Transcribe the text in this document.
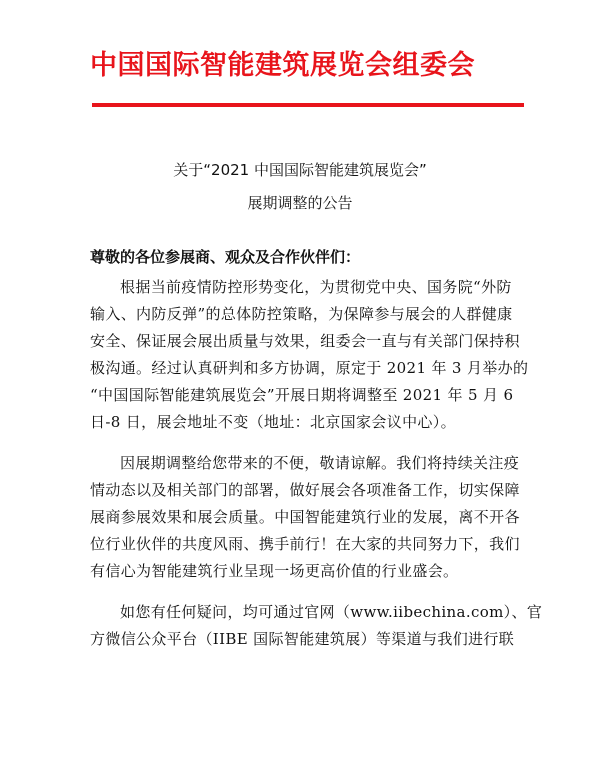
中国国际智能建筑展览会组委会
关于“2021 中国国际智能建筑展览会”
展期调整的公告
尊敬的各位参展商、观众及合作伙伴们：
根据当前疫情防控形势变化，为贯彻党中央、国务院“外防
输入、内防反弹”的总体防控策略，为保障参与展会的人群健康
安全、保证展会展出质量与效果，组委会一直与有关部门保持积
极沟通。经过认真研判和多方协调，原定于 2021 年 3 月举办的
“中国国际智能建筑展览会”开展日期将调整至 2021 年 5 月 6
日-8 日，展会地址不变（地址：北京国家会议中心）。
因展期调整给您带来的不便，敬请谅解。我们将持续关注疫
情动态以及相关部门的部署，做好展会各项准备工作，切实保障
展商参展效果和展会质量。中国智能建筑行业的发展，离不开各
位行业伙伴的共度风雨、携手前行！在大家的共同努力下，我们
有信心为智能建筑行业呈现一场更高价值的行业盛会。
如您有任何疑问，均可通过官网（www.iibechina.com）、官
方微信公众平台（IIBE 国际智能建筑展）等渠道与我们进行联
